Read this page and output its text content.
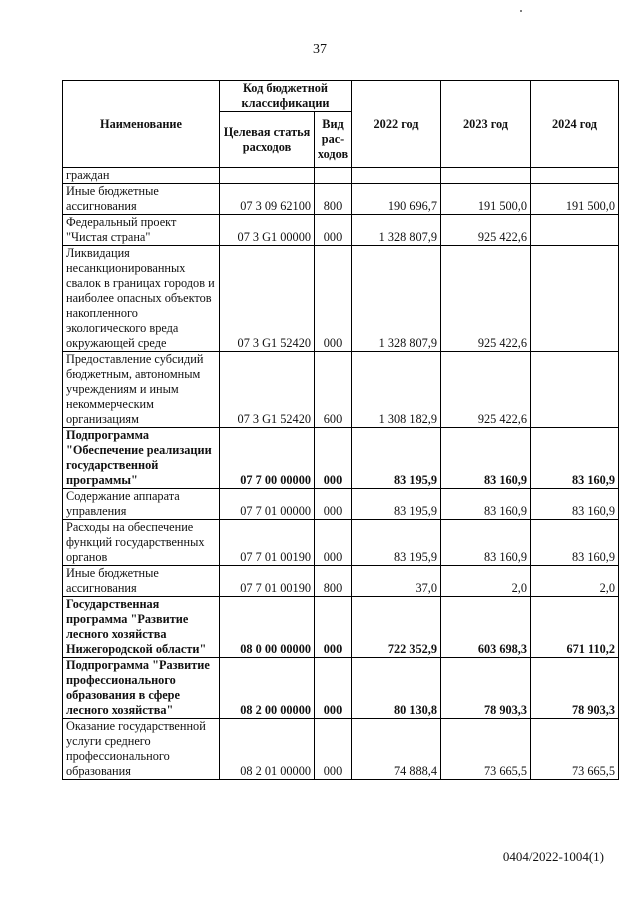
37
Наименование	Код бюджетной классификации		2022 год	2023 год	2024 год
	Целевая статья расходов	Вид рас-ходов			
граждан					
Иные бюджетные ассигнования	07 3 09 62100	800	190 696,7	191 500,0	191 500,0
Федеральный проект "Чистая страна"	07 3 G1 00000	000	1 328 807,9	925 422,6	
Ликвидация несанкционированных свалок в границах городов и наиболее опасных объектов накопленного экологического вреда окружающей среде	07 3 G1 52420	000	1 328 807,9	925 422,6	
Предоставление субсидий бюджетным, автономным учреждениям и иным некоммерческим организациям	07 3 G1 52420	600	1 308 182,9	925 422,6	
Подпрограмма "Обеспечение реализации государственной программы"	07 7 00 00000	000	83 195,9	83 160,9	83 160,9
Содержание аппарата управления	07 7 01 00000	000	83 195,9	83 160,9	83 160,9
Расходы на обеспечение функций государственных органов	07 7 01 00190	000	83 195,9	83 160,9	83 160,9
Иные бюджетные ассигнования	07 7 01 00190	800	37,0	2,0	2,0
Государственная программа "Развитие лесного хозяйства Нижегородской области"	08 0 00 00000	000	722 352,9	603 698,3	671 110,2
Подпрограмма "Развитие профессионального образования в сфере лесного хозяйства"	08 2 00 00000	000	80 130,8	78 903,3	78 903,3
Оказание государственной услуги среднего профессионального образования	08 2 01 00000	000	74 888,4	73 665,5	73 665,5
0404/2022-1004(1)
